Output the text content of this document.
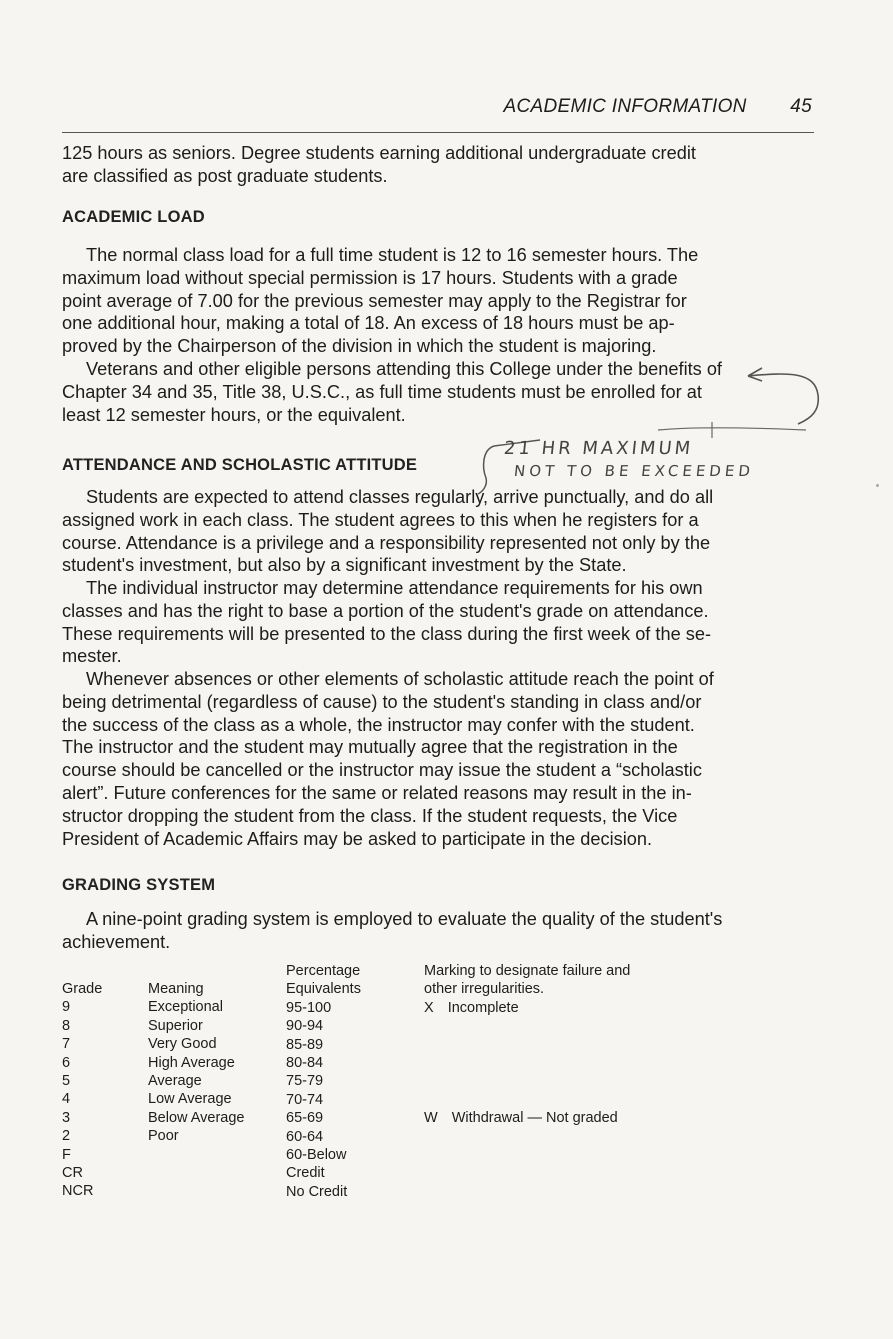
ACADEMIC INFORMATION 45
125 hours as seniors. Degree students earning additional undergraduate credit
are classified as post graduate students.
ACADEMIC LOAD
The normal class load for a full time student is 12 to 16 semester hours. The
maximum load without special permission is 17 hours. Students with a grade
point average of 7.00 for the previous semester may apply to the Registrar for
one additional hour, making a total of 18. An excess of 18 hours must be ap-
proved by the Chairperson of the division in which the student is majoring.
Veterans and other eligible persons attending this College under the benefits of
Chapter 34 and 35, Title 38, U.S.C., as full time students must be enrolled for at
least 12 semester hours, or the equivalent.
21 HR MAXIMUM
NOT TO BE EXCEEDED
ATTENDANCE AND SCHOLASTIC ATTITUDE
Students are expected to attend classes regularly, arrive punctually, and do all
assigned work in each class. The student agrees to this when he registers for a
course. Attendance is a privilege and a responsibility represented not only by the
student's investment, but also by a significant investment by the State.
The individual instructor may determine attendance requirements for his own
classes and has the right to base a portion of the student's grade on attendance.
These requirements will be presented to the class during the first week of the se-
mester.
Whenever absences or other elements of scholastic attitude reach the point of
being detrimental (regardless of cause) to the student's standing in class and/or
the success of the class as a whole, the instructor may confer with the student.
The instructor and the student may mutually agree that the registration in the
course should be cancelled or the instructor may issue the student a “scholastic
alert”. Future conferences for the same or related reasons may result in the in-
structor dropping the student from the class. If the student requests, the Vice
President of Academic Affairs may be asked to participate in the decision.
GRADING SYSTEM
A nine-point grading system is employed to evaluate the quality of the student's
achievement.
Grade
9
8
7
6
5
4
3
2
F
CR
NCR
Meaning
Exceptional
Superior
Very Good
High Average
Average
Low Average
Below Average
Poor
Percentage
Equivalents
95-100
90-94
85-89
80-84
75-79
70-74
65-69
60-64
60-Below
Credit
No Credit
Marking to designate failure and
other irregularities.
X Incomplete
W Withdrawal — Not graded
